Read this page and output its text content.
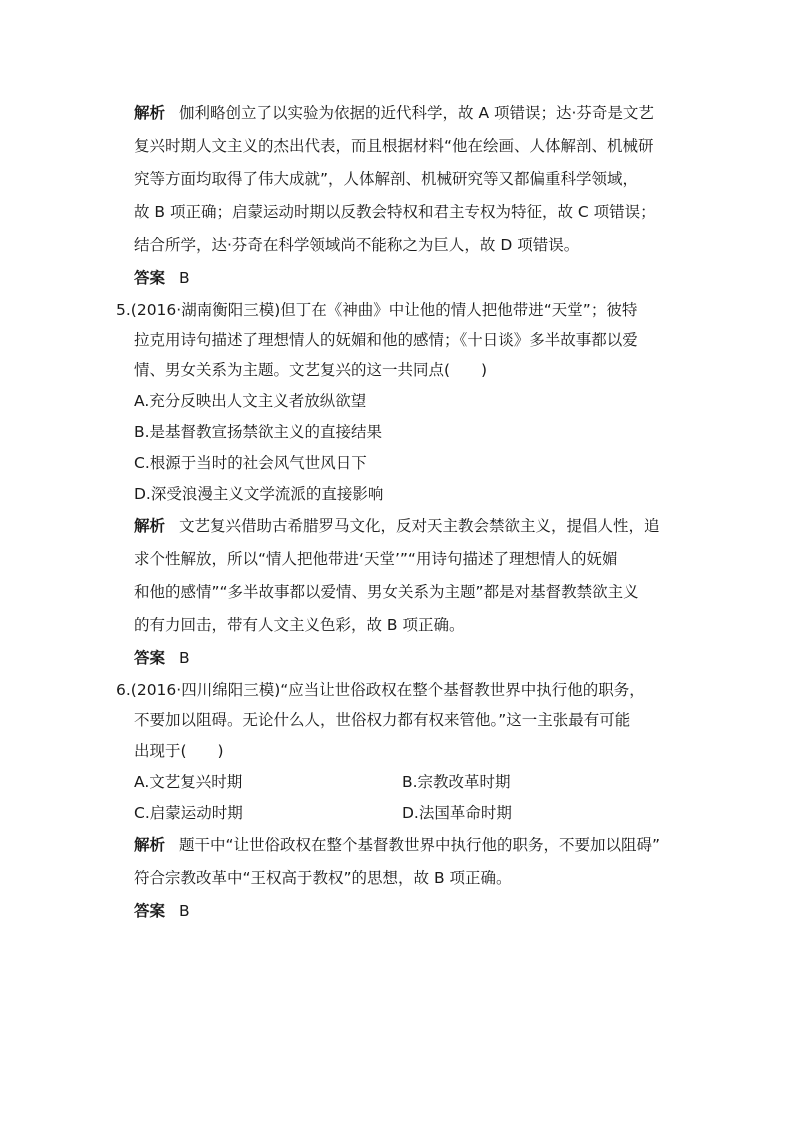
解析 伽利略创立了以实验为依据的近代科学，故 A 项错误；达·芬奇是文艺
复兴时期人文主义的杰出代表，而且根据材料“他在绘画、人体解剖、机械研
究等方面均取得了伟大成就”，人体解剖、机械研究等又都偏重科学领域，
故 B 项正确；启蒙运动时期以反教会特权和君主专权为特征，故 C 项错误；
结合所学，达·芬奇在科学领域尚不能称之为巨人，故 D 项错误。
答案 B
5.(2016·湖南衡阳三模)但丁在《神曲》中让他的情人把他带进“天堂”；彼特
拉克用诗句描述了理想情人的妩媚和他的感情；《十日谈》多半故事都以爱
情、男女关系为主题。文艺复兴的这一共同点(　　)
A.充分反映出人文主义者放纵欲望
B.是基督教宣扬禁欲主义的直接结果
C.根源于当时的社会风气世风日下
D.深受浪漫主义文学流派的直接影响
解析 文艺复兴借助古希腊罗马文化，反对天主教会禁欲主义，提倡人性，追
求个性解放，所以“情人把他带进‘天堂’”“用诗句描述了理想情人的妩媚
和他的感情”“多半故事都以爱情、男女关系为主题”都是对基督教禁欲主义
的有力回击，带有人文主义色彩，故 B 项正确。
答案 B
6.(2016·四川绵阳三模)“应当让世俗政权在整个基督教世界中执行他的职务，
不要加以阻碍。无论什么人，世俗权力都有权来管他。”这一主张最有可能
出现于(　　)
A.文艺复兴时期	B.宗教改革时期
C.启蒙运动时期	D.法国革命时期
解析 题干中“让世俗政权在整个基督教世界中执行他的职务，不要加以阻碍”
符合宗教改革中“王权高于教权”的思想，故 B 项正确。
答案 B
